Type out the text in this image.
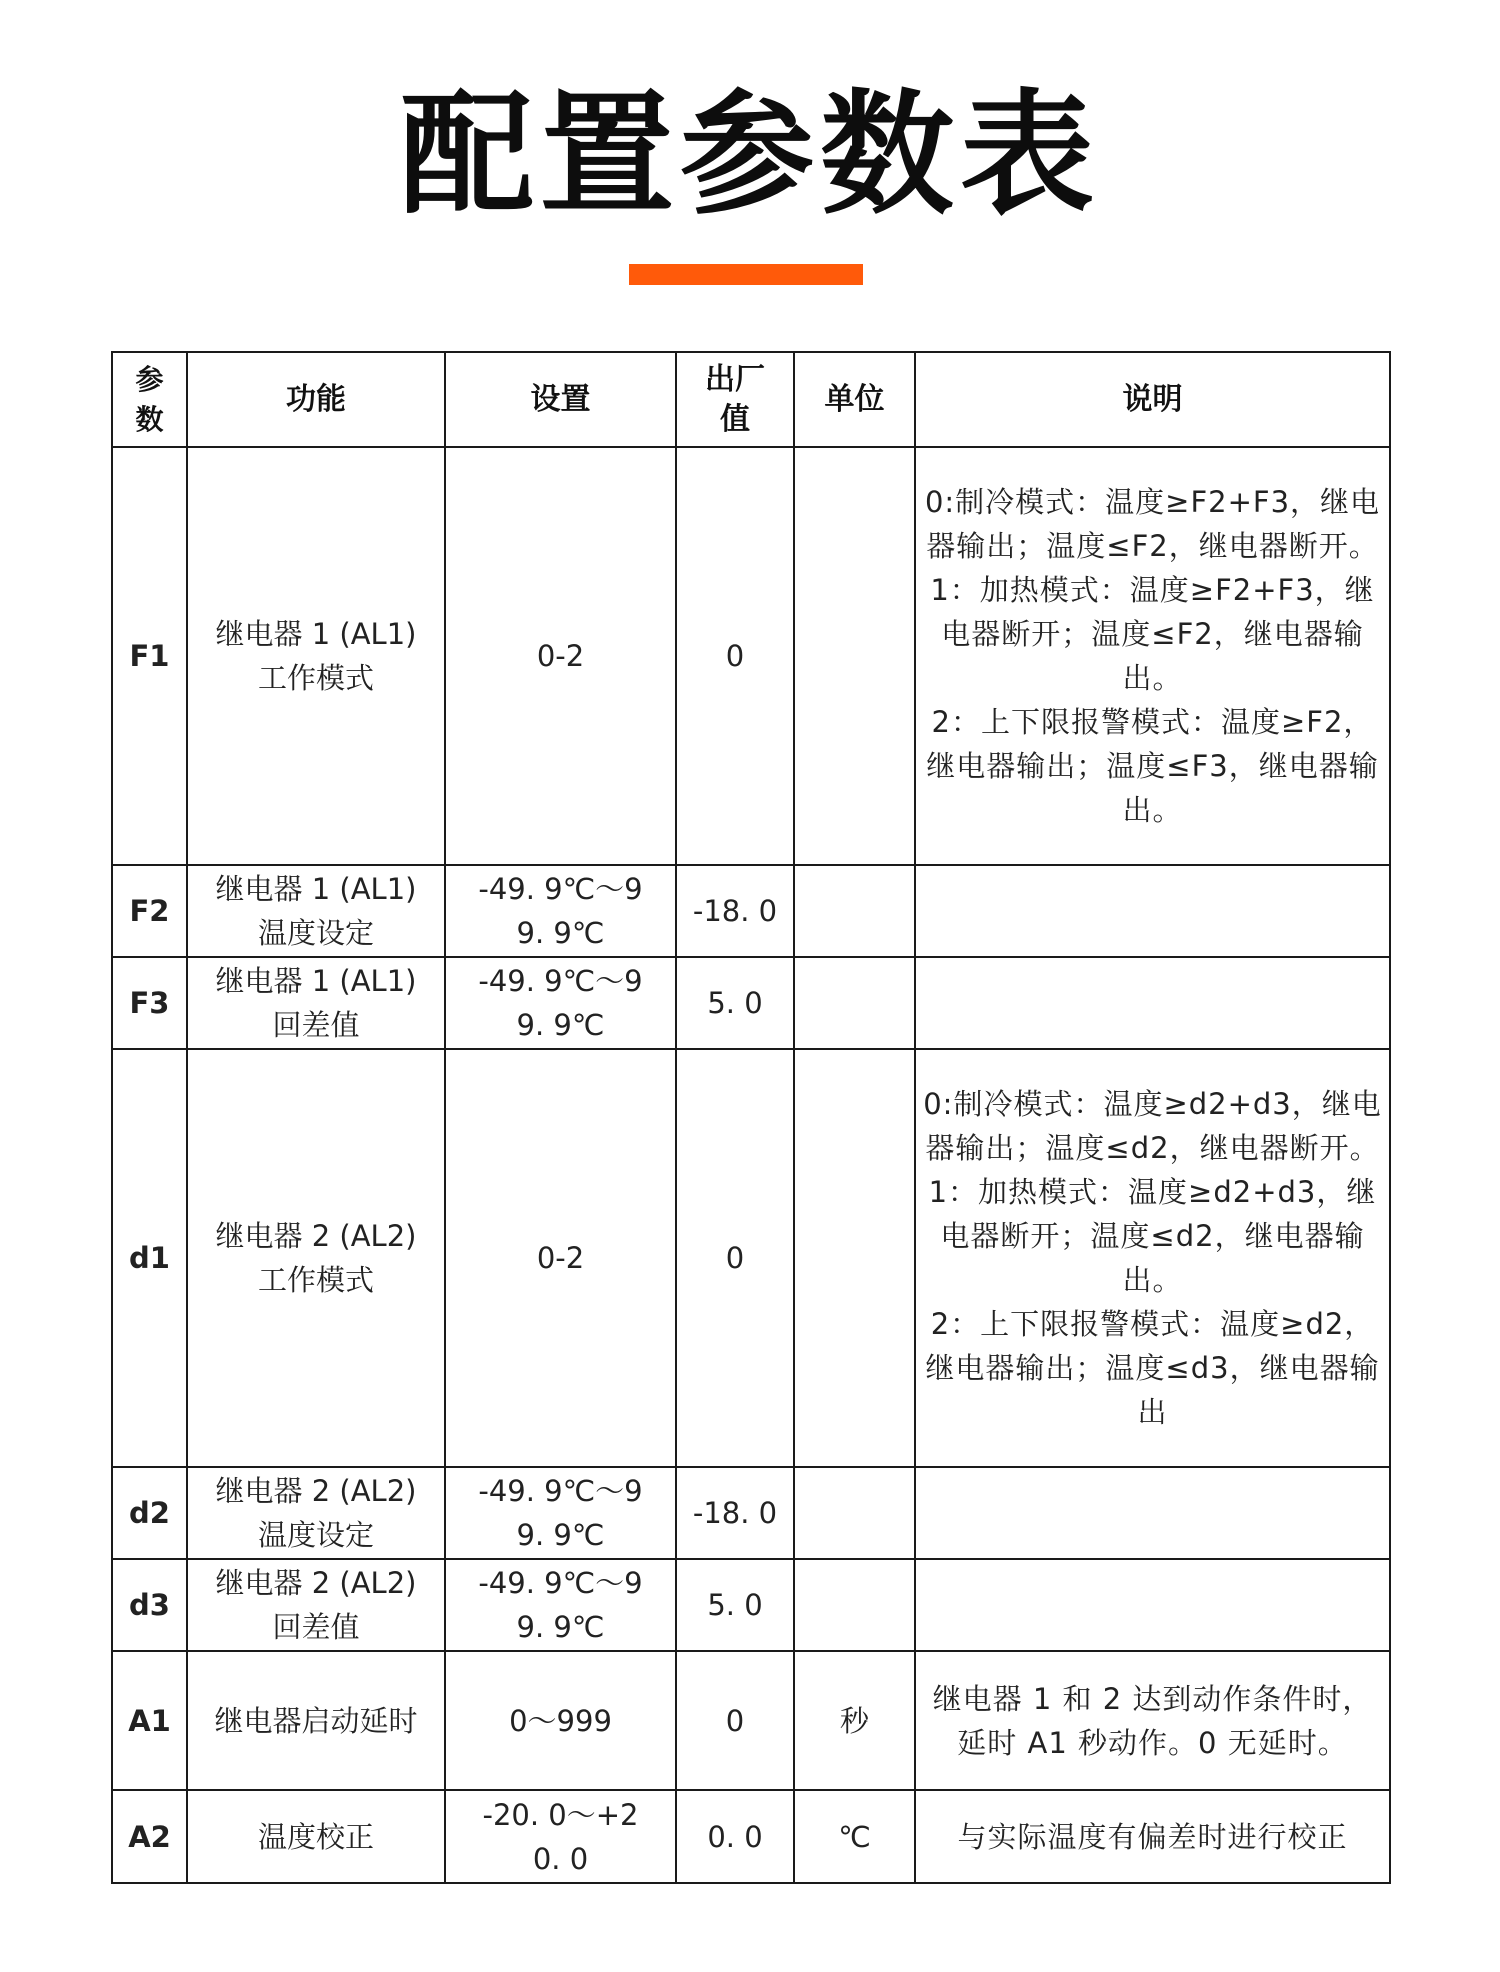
配置参数表
参数	功能	设置	出厂值	单位	说明
F1	继电器 1 (AL1) 工作模式	0-2	0		0:制冷模式：温度≥F2+F3，继电器输出；温度≤F2，继电器断开。
1：加热模式：温度≥F2+F3，继电器断开；温度≤F2，继电器输出。
2：上下限报警模式：温度≥F2，继电器输出；温度≤F3，继电器输出。

F2	继电器 1 (AL1) 温度设定	-49. 9℃～99. 9℃	-18. 0		
F3	继电器 1 (AL1) 回差值	-49. 9℃～99. 9℃	5. 0		
d1	继电器 2 (AL2) 工作模式	0-2	0		0:制冷模式：温度≥d2+d3，继电器输出；温度≤d2，继电器断开。
1：加热模式：温度≥d2+d3，继电器断开；温度≤d2，继电器输出。
2：上下限报警模式：温度≥d2，继电器输出；温度≤d3，继电器输出

d2	继电器 2 (AL2) 温度设定	-49. 9℃～99. 9℃	-18. 0		
d3	继电器 2 (AL2) 回差值	-49. 9℃～99. 9℃	5. 0		
A1	继电器启动延时	0～999	0	秒	继电器 1 和 2 达到动作条件时，延时 A1 秒动作。0 无延时。

A2	温度校正	-20. 0～+20. 0	0. 0	℃	与实际温度有偏差时进行校正
